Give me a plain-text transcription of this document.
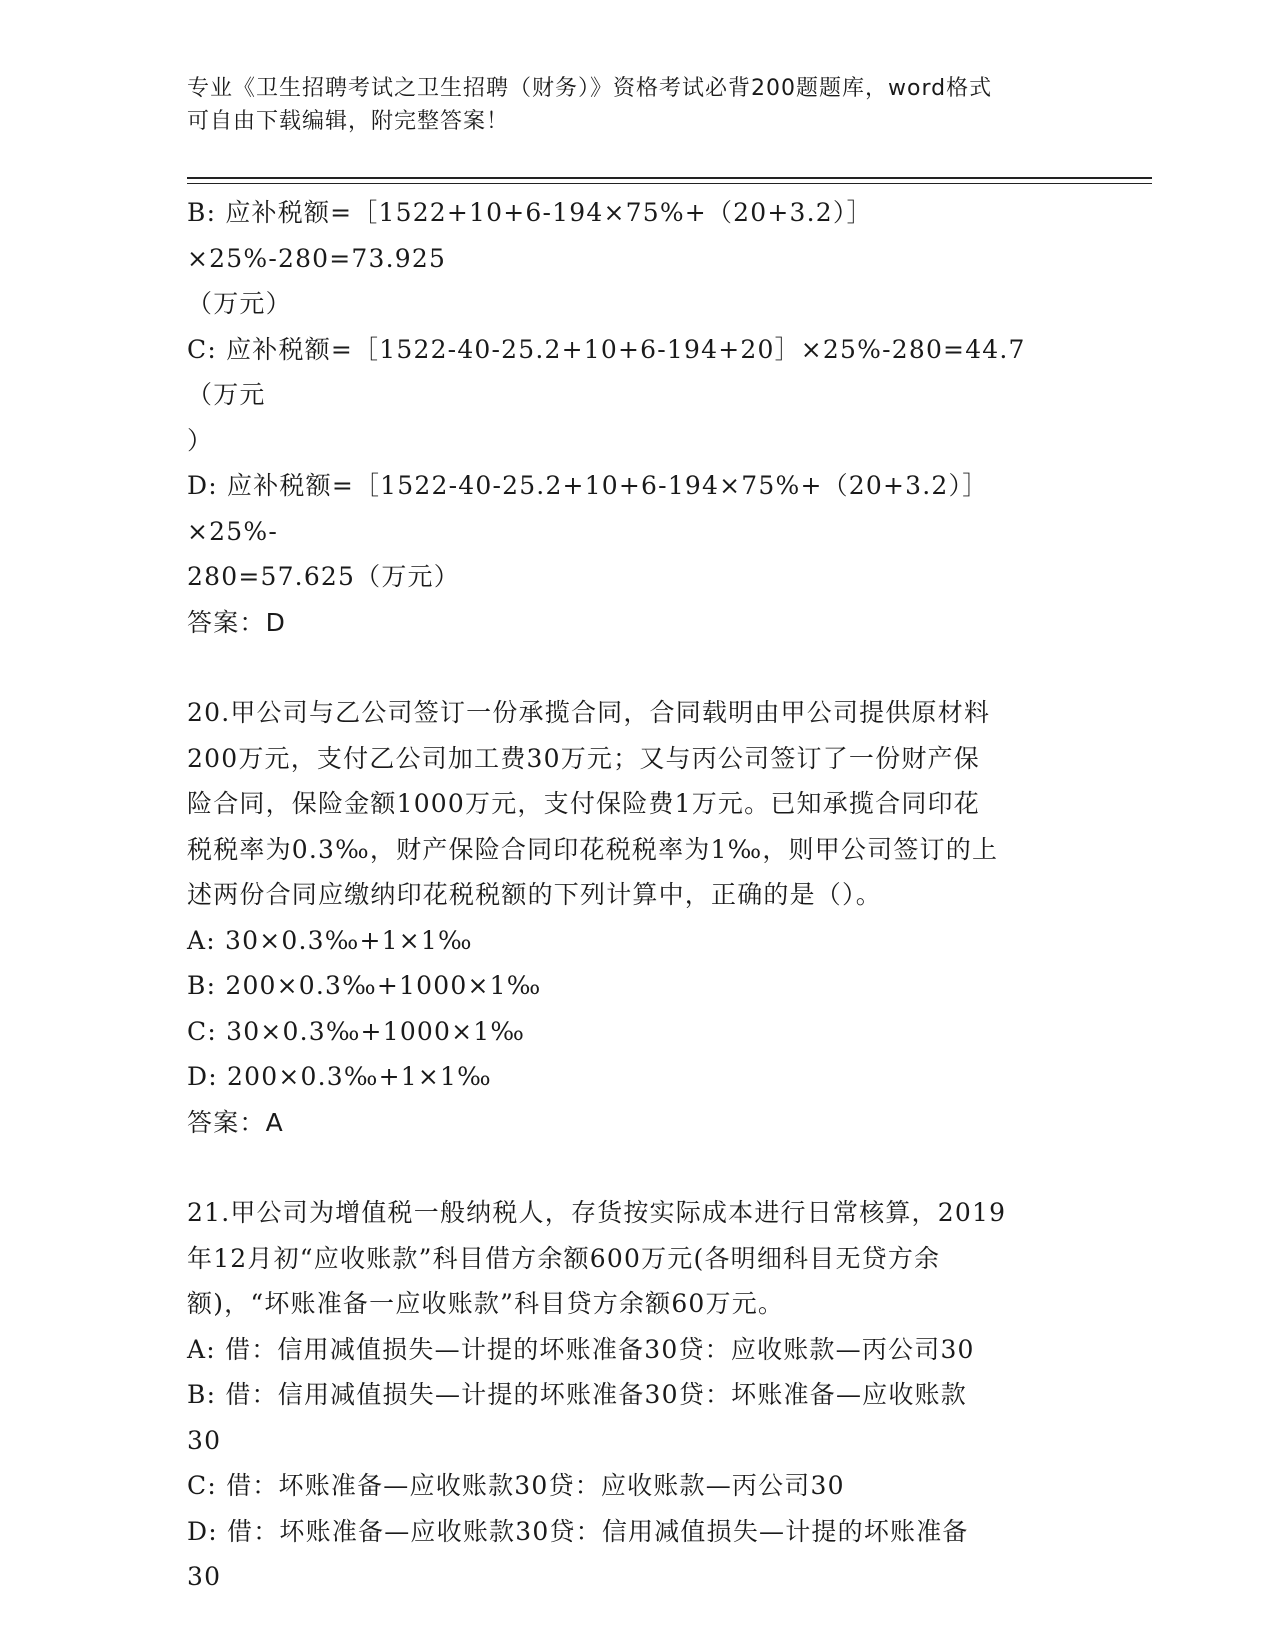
专业《卫生招聘考试之卫生招聘（财务）》资格考试必背200题题库，word格式

可自由下载编辑，附完整答案！

B: 应补税额=［1522+10+6-194×75%+（20+3.2）］×25%-280=73.925

（万元）

C: 应补税额=［1522-40-25.2+10+6-194+20］×25%-280=44.7（万元

）

D: 应补税额=［1522-40-25.2+10+6-194×75%+（20+3.2）］×25%-

280=57.625（万元）

答案：D

20.甲公司与乙公司签订一份承揽合同，合同载明由甲公司提供原材料

200万元，支付乙公司加工费30万元；又与丙公司签订了一份财产保

险合同，保险金额1000万元，支付保险费1万元。已知承揽合同印花

税税率为0.3‰，财产保险合同印花税税率为1‰，则甲公司签订的上

述两份合同应缴纳印花税税额的下列计算中，正确的是（）。

A: 30×0.3‰+1×1‰

B: 200×0.3‰+1000×1‰

C: 30×0.3‰+1000×1‰

D: 200×0.3‰+1×1‰

答案：A

21.甲公司为增值税一般纳税人，存货按实际成本进行日常核算，2019

年12月初“应收账款”科目借方余额600万元(各明细科目无贷方余

额)，“坏账准备一应收账款”科目贷方余额60万元。

A: 借：信用减值损失—计提的坏账准备30贷：应收账款—丙公司30

B: 借：信用减值损失—计提的坏账准备30贷：坏账准备—应收账款

30

C: 借：坏账准备—应收账款30贷：应收账款—丙公司30

D: 借：坏账准备—应收账款30贷：信用减值损失—计提的坏账准备

30
